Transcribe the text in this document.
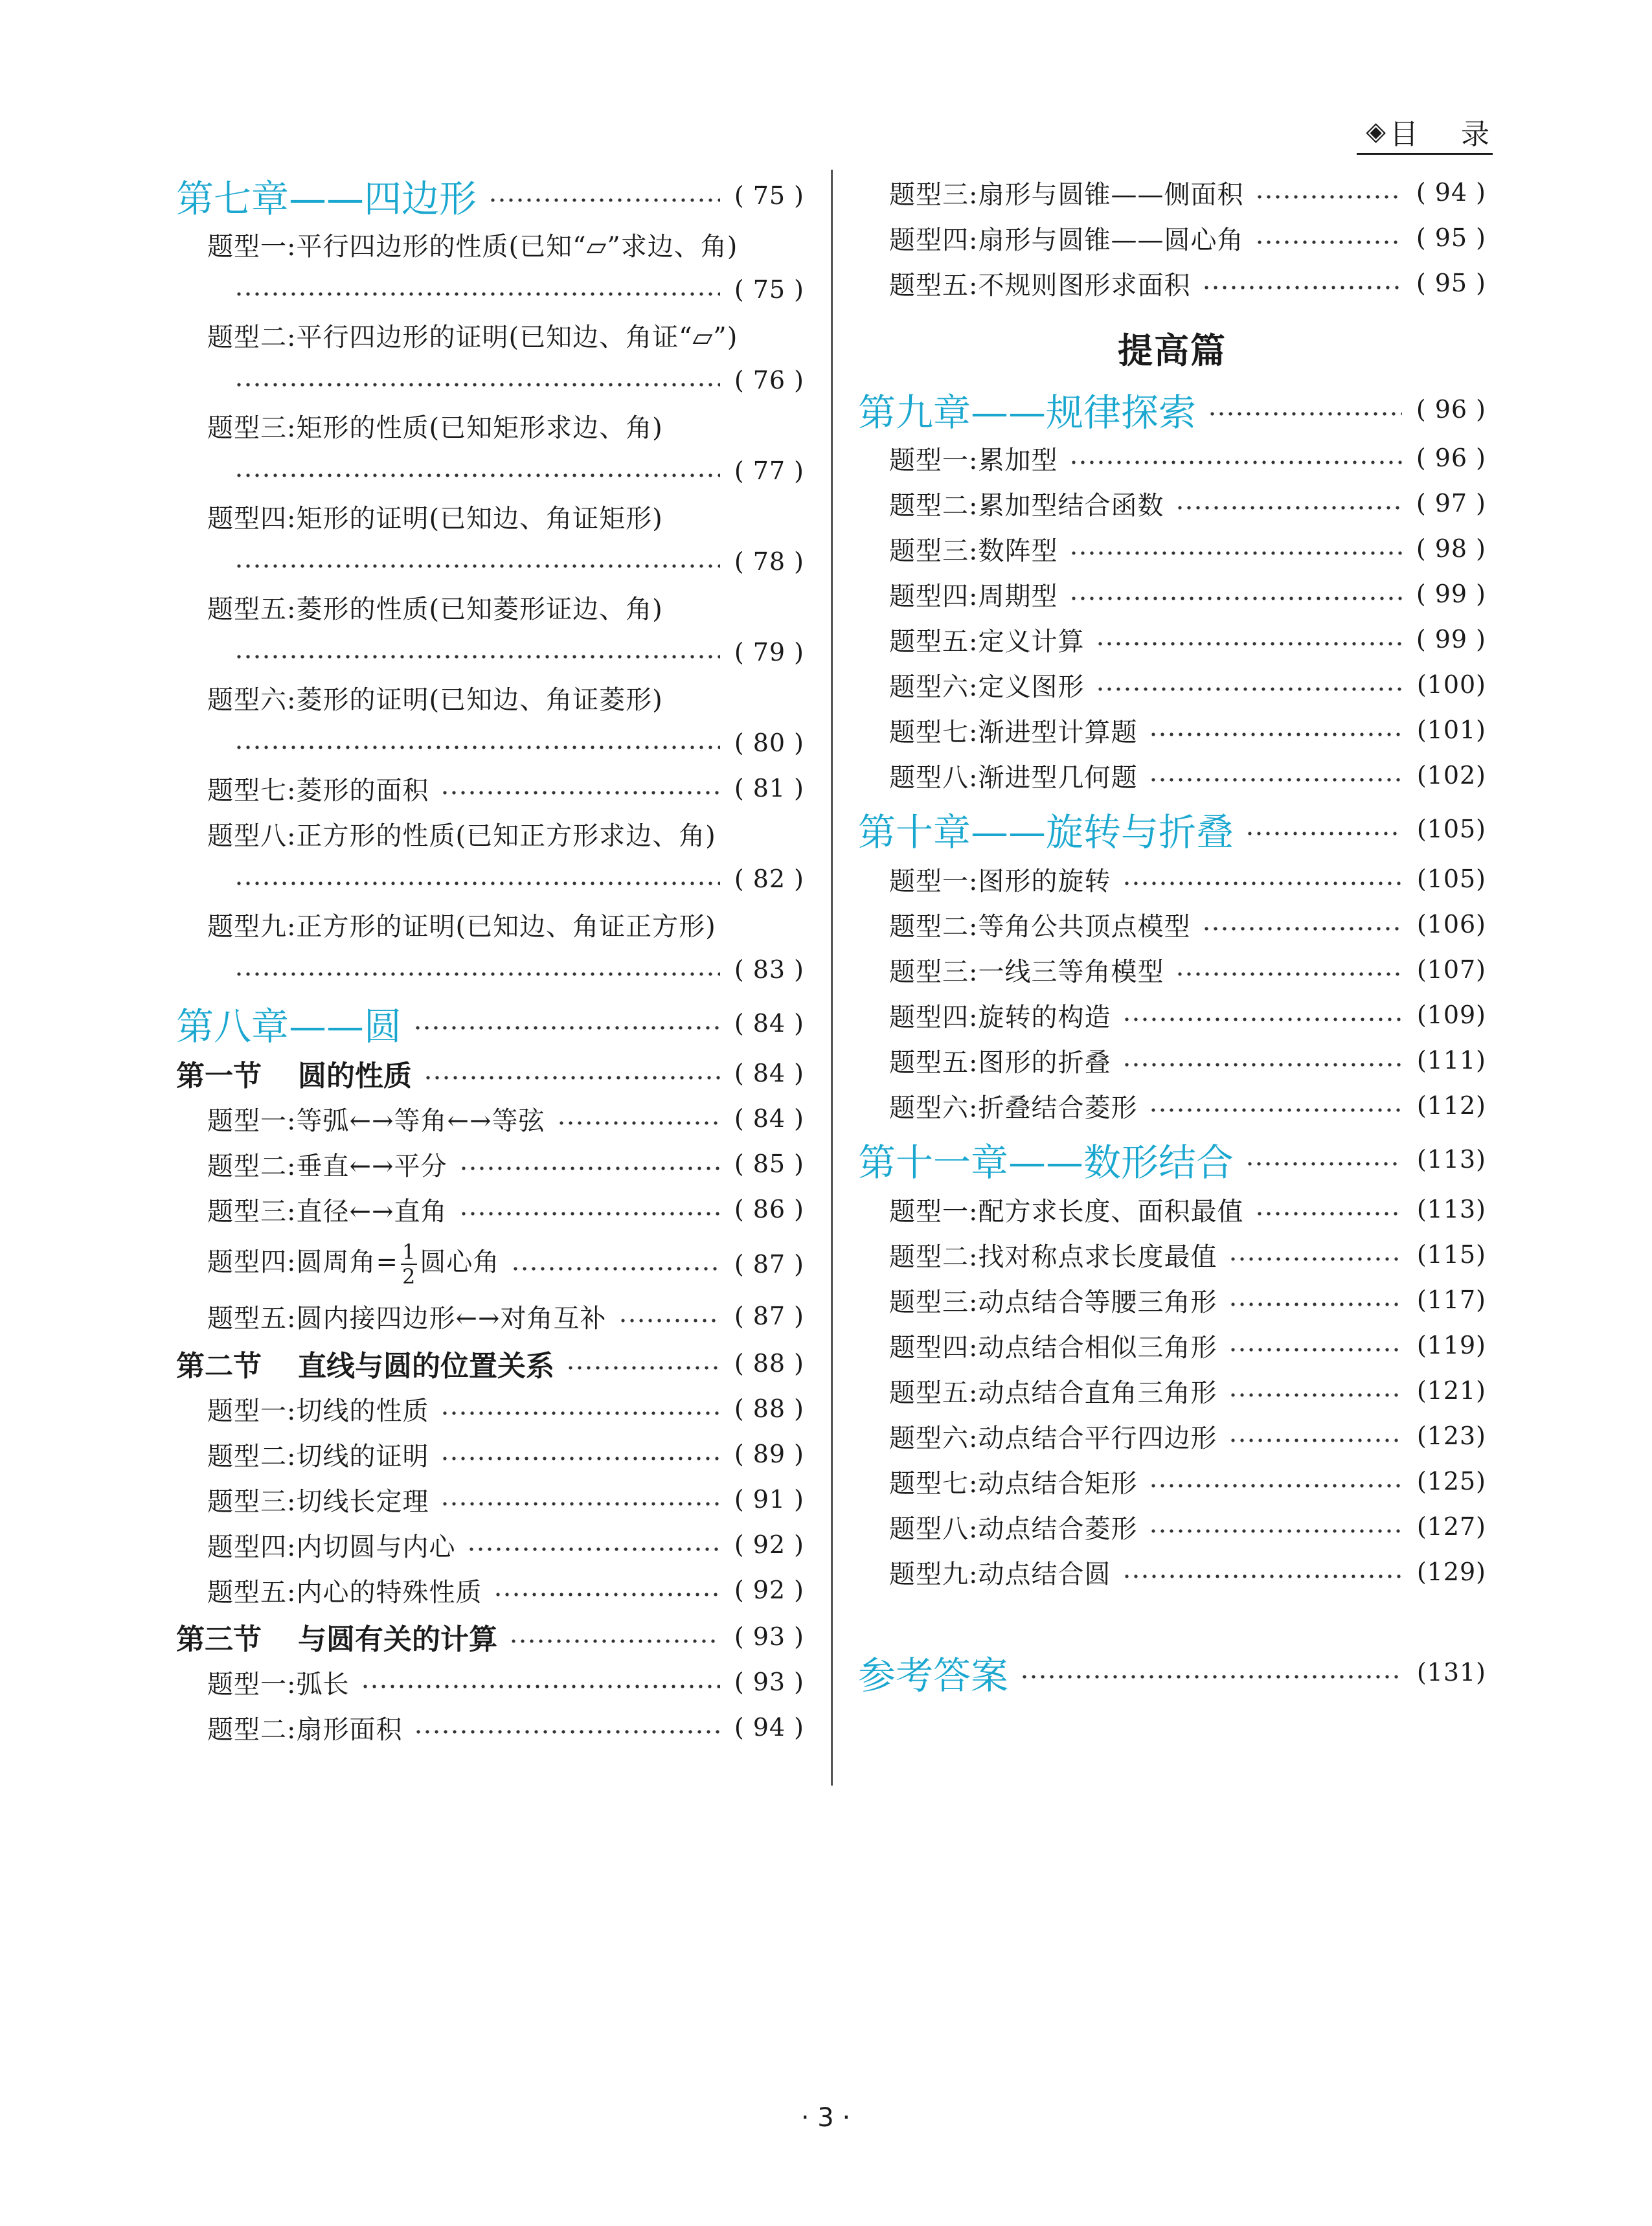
◈ 目 录
第七章——四边形	( 75 )
题型一:平行四边形的性质(已知“▱”求边、角)
( 75 )
题型二:平行四边形的证明(已知边、角证“▱”)
( 76 )
题型三:矩形的性质(已知矩形求边、角)
( 77 )
题型四:矩形的证明(已知边、角证矩形)
( 78 )
题型五:菱形的性质(已知菱形证边、角)
( 79 )
题型六:菱形的证明(已知边、角证菱形)
( 80 )
题型七:菱形的面积	( 81 )
题型八:正方形的性质(已知正方形求边、角)
( 82 )
题型九:正方形的证明(已知边、角证正方形)
( 83 )
第八章——圆	( 84 )
第一节 圆的性质	( 84 )
题型一:等弧←→等角←→等弦	( 84 )
题型二:垂直←→平分	( 85 )
题型三:直径←→直角	( 86 )
题型四:圆周角= $\frac{1}{2}$ 圆心角	( 87 )
题型五:圆内接四边形←→对角互补	( 87 )
第二节 直线与圆的位置关系	( 88 )
题型一:切线的性质	( 88 )
题型二:切线的证明	( 89 )
题型三:切线长定理	( 91 )
题型四:内切圆与内心	( 92 )
题型五:内心的特殊性质	( 92 )
第三节 与圆有关的计算	( 93 )
题型一:弧长	( 93 )
题型二:扇形面积	( 94 )
题型三:扇形与圆锥——侧面积	( 94 )
题型四:扇形与圆锥——圆心角	( 95 )
题型五:不规则图形求面积	( 95 )
提高篇
第九章——规律探索	( 96 )
题型一:累加型	( 96 )
题型二:累加型结合函数	( 97 )
题型三:数阵型	( 98 )
题型四:周期型	( 99 )
题型五:定义计算	( 99 )
题型六:定义图形	(100)
题型七:渐进型计算题	(101)
题型八:渐进型几何题	(102)
第十章——旋转与折叠	(105)
题型一:图形的旋转	(105)
题型二:等角公共顶点模型	(106)
题型三:一线三等角模型	(107)
题型四:旋转的构造	(109)
题型五:图形的折叠	(111)
题型六:折叠结合菱形	(112)
第十一章——数形结合	(113)
题型一:配方求长度、面积最值	(113)
题型二:找对称点求长度最值	(115)
题型三:动点结合等腰三角形	(117)
题型四:动点结合相似三角形	(119)
题型五:动点结合直角三角形	(121)
题型六:动点结合平行四边形	(123)
题型七:动点结合矩形	(125)
题型八:动点结合菱形	(127)
题型九:动点结合圆	(129)
参考答案	(131)
· 3 ·
